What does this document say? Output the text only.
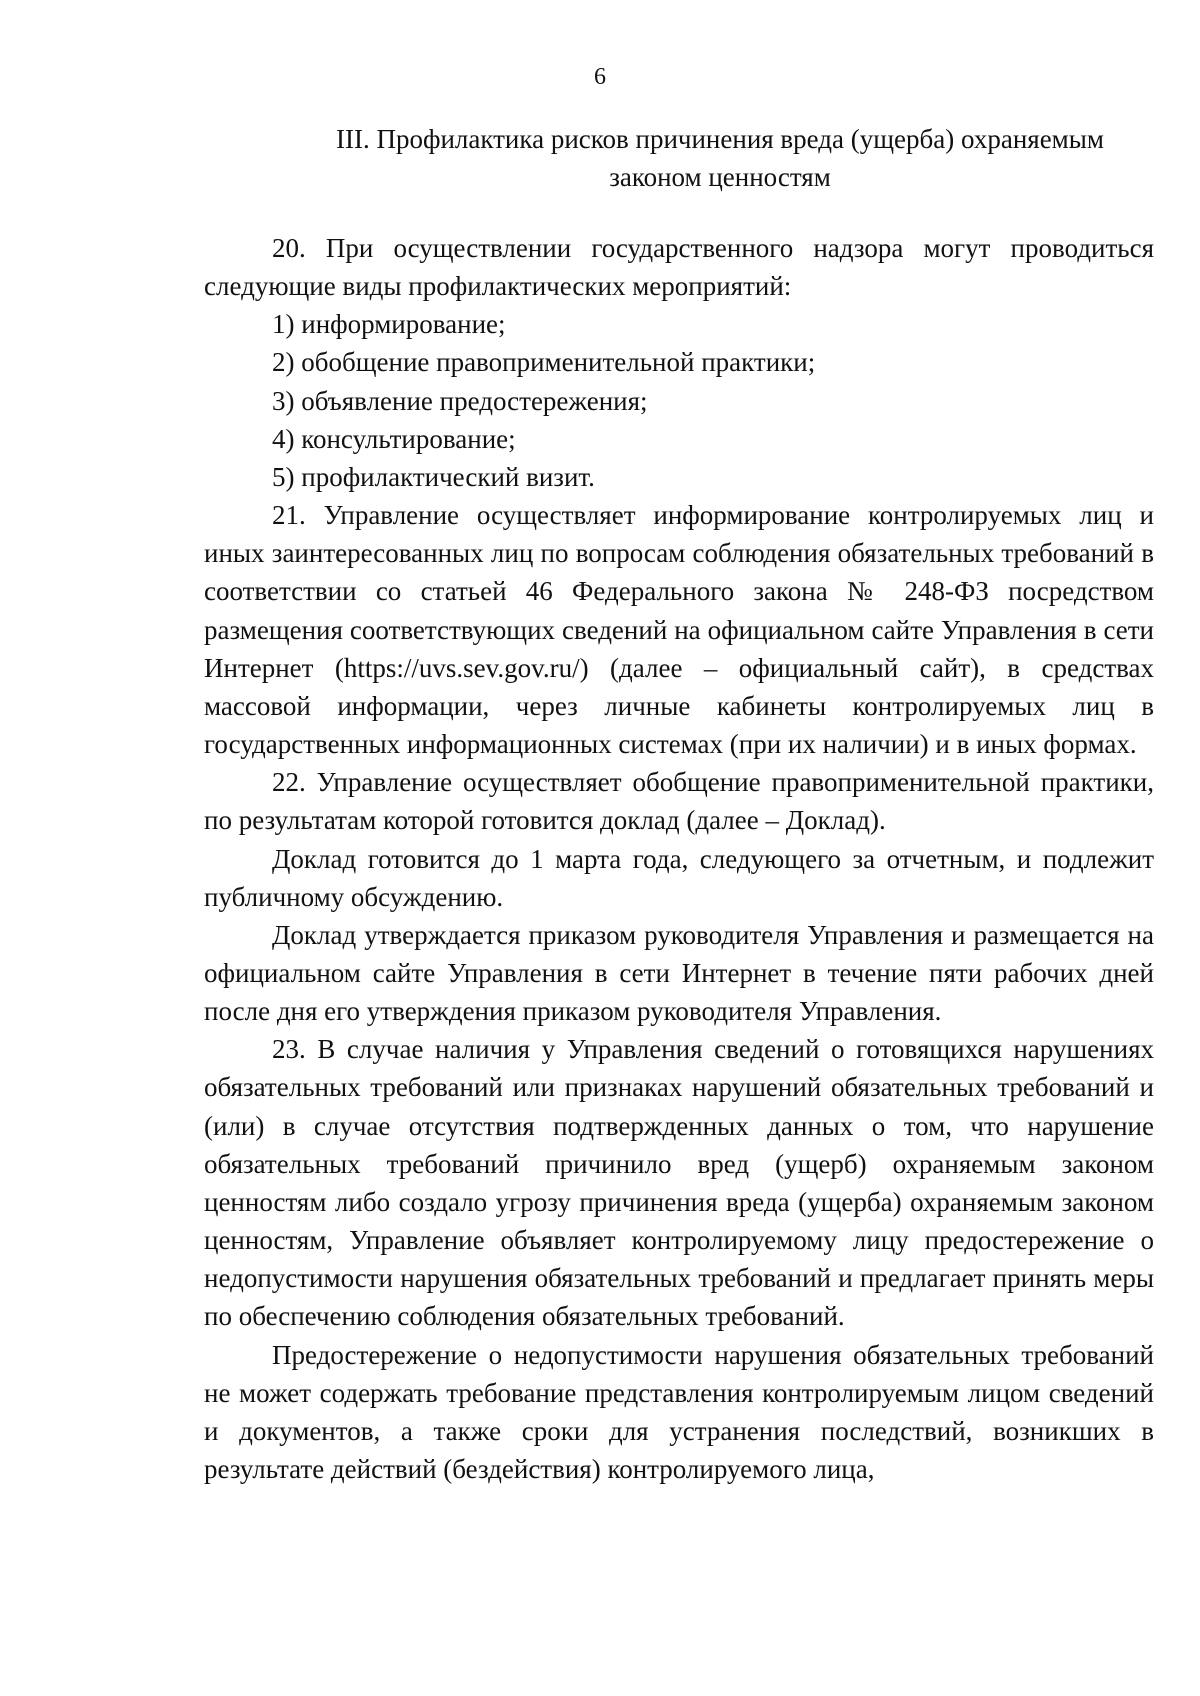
6
III. Профилактика рисков причинения вреда (ущерба) охраняемым
законом ценностям

20. При осуществлении государственного надзора могут проводиться следующие виды профилактических мероприятий:

1) информирование;

2) обобщение правоприменительной практики;

3) объявление предостережения;

4) консультирование;

5) профилактический визит.

21. Управление осуществляет информирование контролируемых лиц и иных заинтересованных лиц по вопросам соблюдения обязательных требований в соответствии со статьей 46 Федерального закона № 248-ФЗ посредством размещения соответствующих сведений на официальном сайте Управления в сети Интернет (https://uvs.sev.gov.ru/) (далее – официальный сайт), в средствах массовой информации, через личные кабинеты контролируемых лиц в государственных информационных системах (при их наличии) и в иных формах.

22. Управление осуществляет обобщение правоприменительной практики, по результатам которой готовится доклад (далее – Доклад).

Доклад готовится до 1 марта года, следующего за отчетным, и подлежит публичному обсуждению.

Доклад утверждается приказом руководителя Управления и размещается на официальном сайте Управления в сети Интернет в течение пяти рабочих дней после дня его утверждения приказом руководителя Управления.

23. В случае наличия у Управления сведений о готовящихся нарушениях обязательных требований или признаках нарушений обязательных требований и (или) в случае отсутствия подтвержденных данных о том, что нарушение обязательных требований причинило вред (ущерб) охраняемым законом ценностям либо создало угрозу причинения вреда (ущерба) охраняемым законом ценностям, Управление объявляет контролируемому лицу предостережение о недопустимости нарушения обязательных требований и предлагает принять меры по обеспечению соблюдения обязательных требований.

Предостережение о недопустимости нарушения обязательных требований не может содержать требование представления контролируемым лицом сведений и документов, а также сроки для устранения последствий, возникших в результате действий (бездействия) контролируемого лица,
